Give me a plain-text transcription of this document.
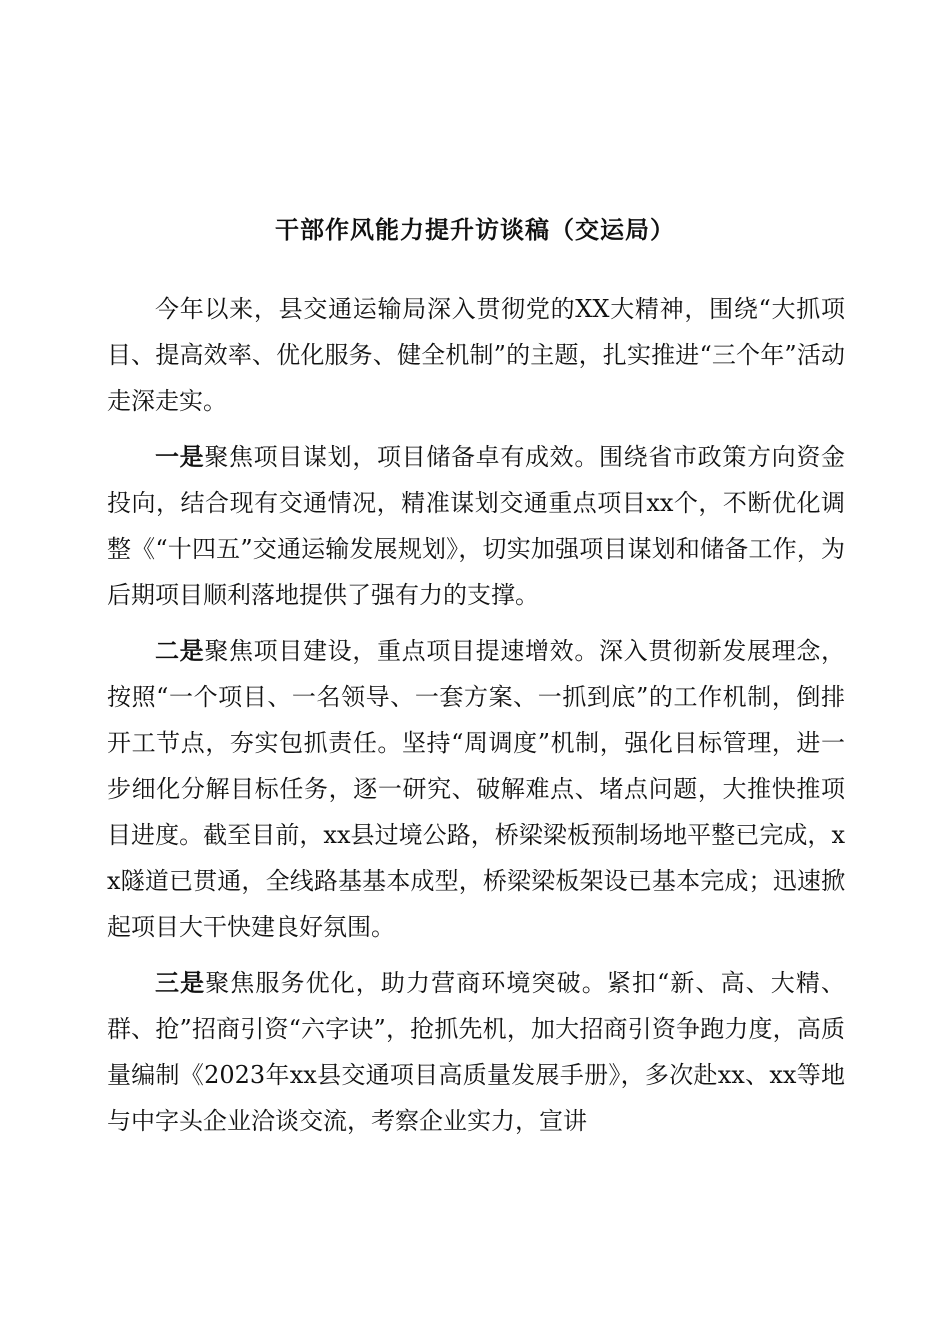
干部作风能力提升访谈稿（交运局）

今年以来，县交通运输局深入贯彻党的XX大精神，围绕“大抓项目、提高效率、优化服务、健全机制”的主题，扎实推进“三个年”活动走深走实。

一是聚焦项目谋划，项目储备卓有成效。围绕省市政策方向资金投向，结合现有交通情况，精准谋划交通重点项目xx个，不断优化调整《“十四五”交通运输发展规划》，切实加强项目谋划和储备工作，为后期项目顺利落地提供了强有力的支撑。

二是聚焦项目建设，重点项目提速增效。深入贯彻新发展理念，按照“一个项目、一名领导、一套方案、一抓到底”的工作机制，倒排开工节点，夯实包抓责任。坚持“周调度”机制，强化目标管理，进一步细化分解目标任务，逐一研究、破解难点、堵点问题，大推快推项目进度。截至目前，xx县过境公路，桥梁梁板预制场地平整已完成，xx隧道已贯通，全线路基基本成型，桥梁梁板架设已基本完成；迅速掀起项目大干快建良好氛围。

三是聚焦服务优化，助力营商环境突破。紧扣“新、高、大精、群、抢”招商引资“六字诀”，抢抓先机，加大招商引资争跑力度，高质量编制《2023年xx县交通项目高质量发展手册》，多次赴xx、xx等地与中字头企业洽谈交流，考察企业实力，宣讲
